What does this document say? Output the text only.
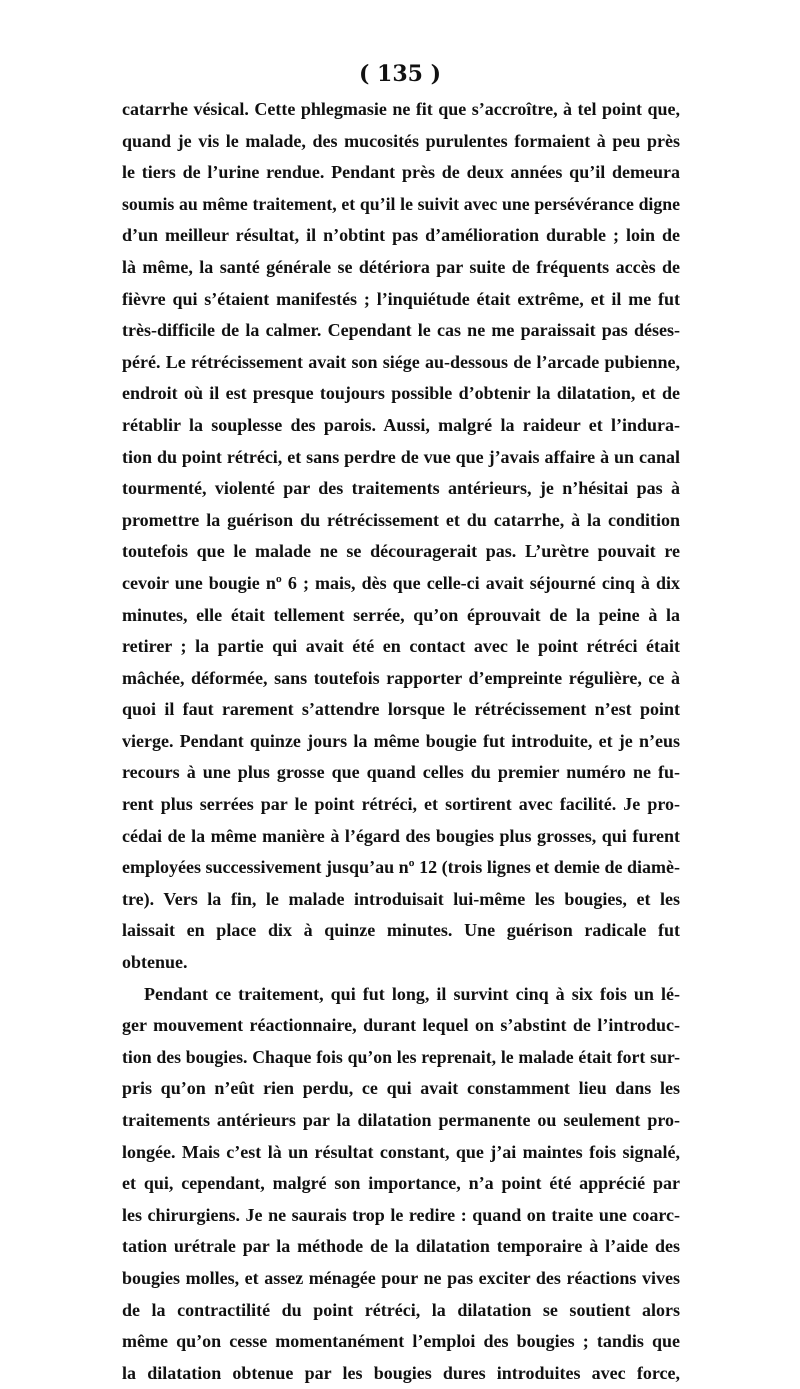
( 135 )
catarrhe vésical. Cette phlegmasie ne fit que s’accroître, à tel point que,
quand je vis le malade, des mucosités purulentes formaient à peu près
le tiers de l’urine rendue. Pendant près de deux années qu’il demeura
soumis au même traitement, et qu’il le suivit avec une persévérance digne
d’un meilleur résultat, il n’obtint pas d’amélioration durable ; loin de
là même, la santé générale se détériora par suite de fréquents accès de
fièvre qui s’étaient manifestés ; l’inquiétude était extrême, et il me fut
très-difficile de la calmer. Cependant le cas ne me paraissait pas déses-
péré. Le rétrécissement avait son siége au-dessous de l’arcade pubienne,
endroit où il est presque toujours possible d’obtenir la dilatation, et de
rétablir la souplesse des parois. Aussi, malgré la raideur et l’indura-
tion du point rétréci, et sans perdre de vue que j’avais affaire à un canal
tourmenté, violenté par des traitements antérieurs, je n’hésitai pas à
promettre la guérison du rétrécissement et du catarrhe, à la condition
toutefois que le malade ne se découragerait pas. L’urètre pouvait re
cevoir une bougie nº 6 ; mais, dès que celle-ci avait séjourné cinq à dix
minutes, elle était tellement serrée, qu’on éprouvait de la peine à la
retirer ; la partie qui avait été en contact avec le point rétréci était
mâchée, déformée, sans toutefois rapporter d’empreinte régulière, ce à
quoi il faut rarement s’attendre lorsque le rétrécissement n’est point
vierge. Pendant quinze jours la même bougie fut introduite, et je n’eus
recours à une plus grosse que quand celles du premier numéro ne fu-
rent plus serrées par le point rétréci, et sortirent avec facilité. Je pro-
cédai de la même manière à l’égard des bougies plus grosses, qui furent
employées successivement jusqu’au nº 12 (trois lignes et demie de diamè-
tre). Vers la fin, le malade introduisait lui-même les bougies, et les
laissait en place dix à quinze minutes. Une guérison radicale fut
obtenue.
Pendant ce traitement, qui fut long, il survint cinq à six fois un lé-
ger mouvement réactionnaire, durant lequel on s’abstint de l’introduc-
tion des bougies. Chaque fois qu’on les reprenait, le malade était fort sur-
pris qu’on n’eût rien perdu, ce qui avait constamment lieu dans les
traitements antérieurs par la dilatation permanente ou seulement pro-
longée. Mais c’est là un résultat constant, que j’ai maintes fois signalé,
et qui, cependant, malgré son importance, n’a point été apprécié par
les chirurgiens. Je ne saurais trop le redire : quand on traite une coarc-
tation urétrale par la méthode de la dilatation temporaire à l’aide des
bougies molles, et assez ménagée pour ne pas exciter des réactions vives
de la contractilité du point rétréci, la dilatation se soutient alors
même qu’on cesse momentanément l’emploi des bougies ; tandis que
la dilatation obtenue par les bougies dures introduites avec force,
